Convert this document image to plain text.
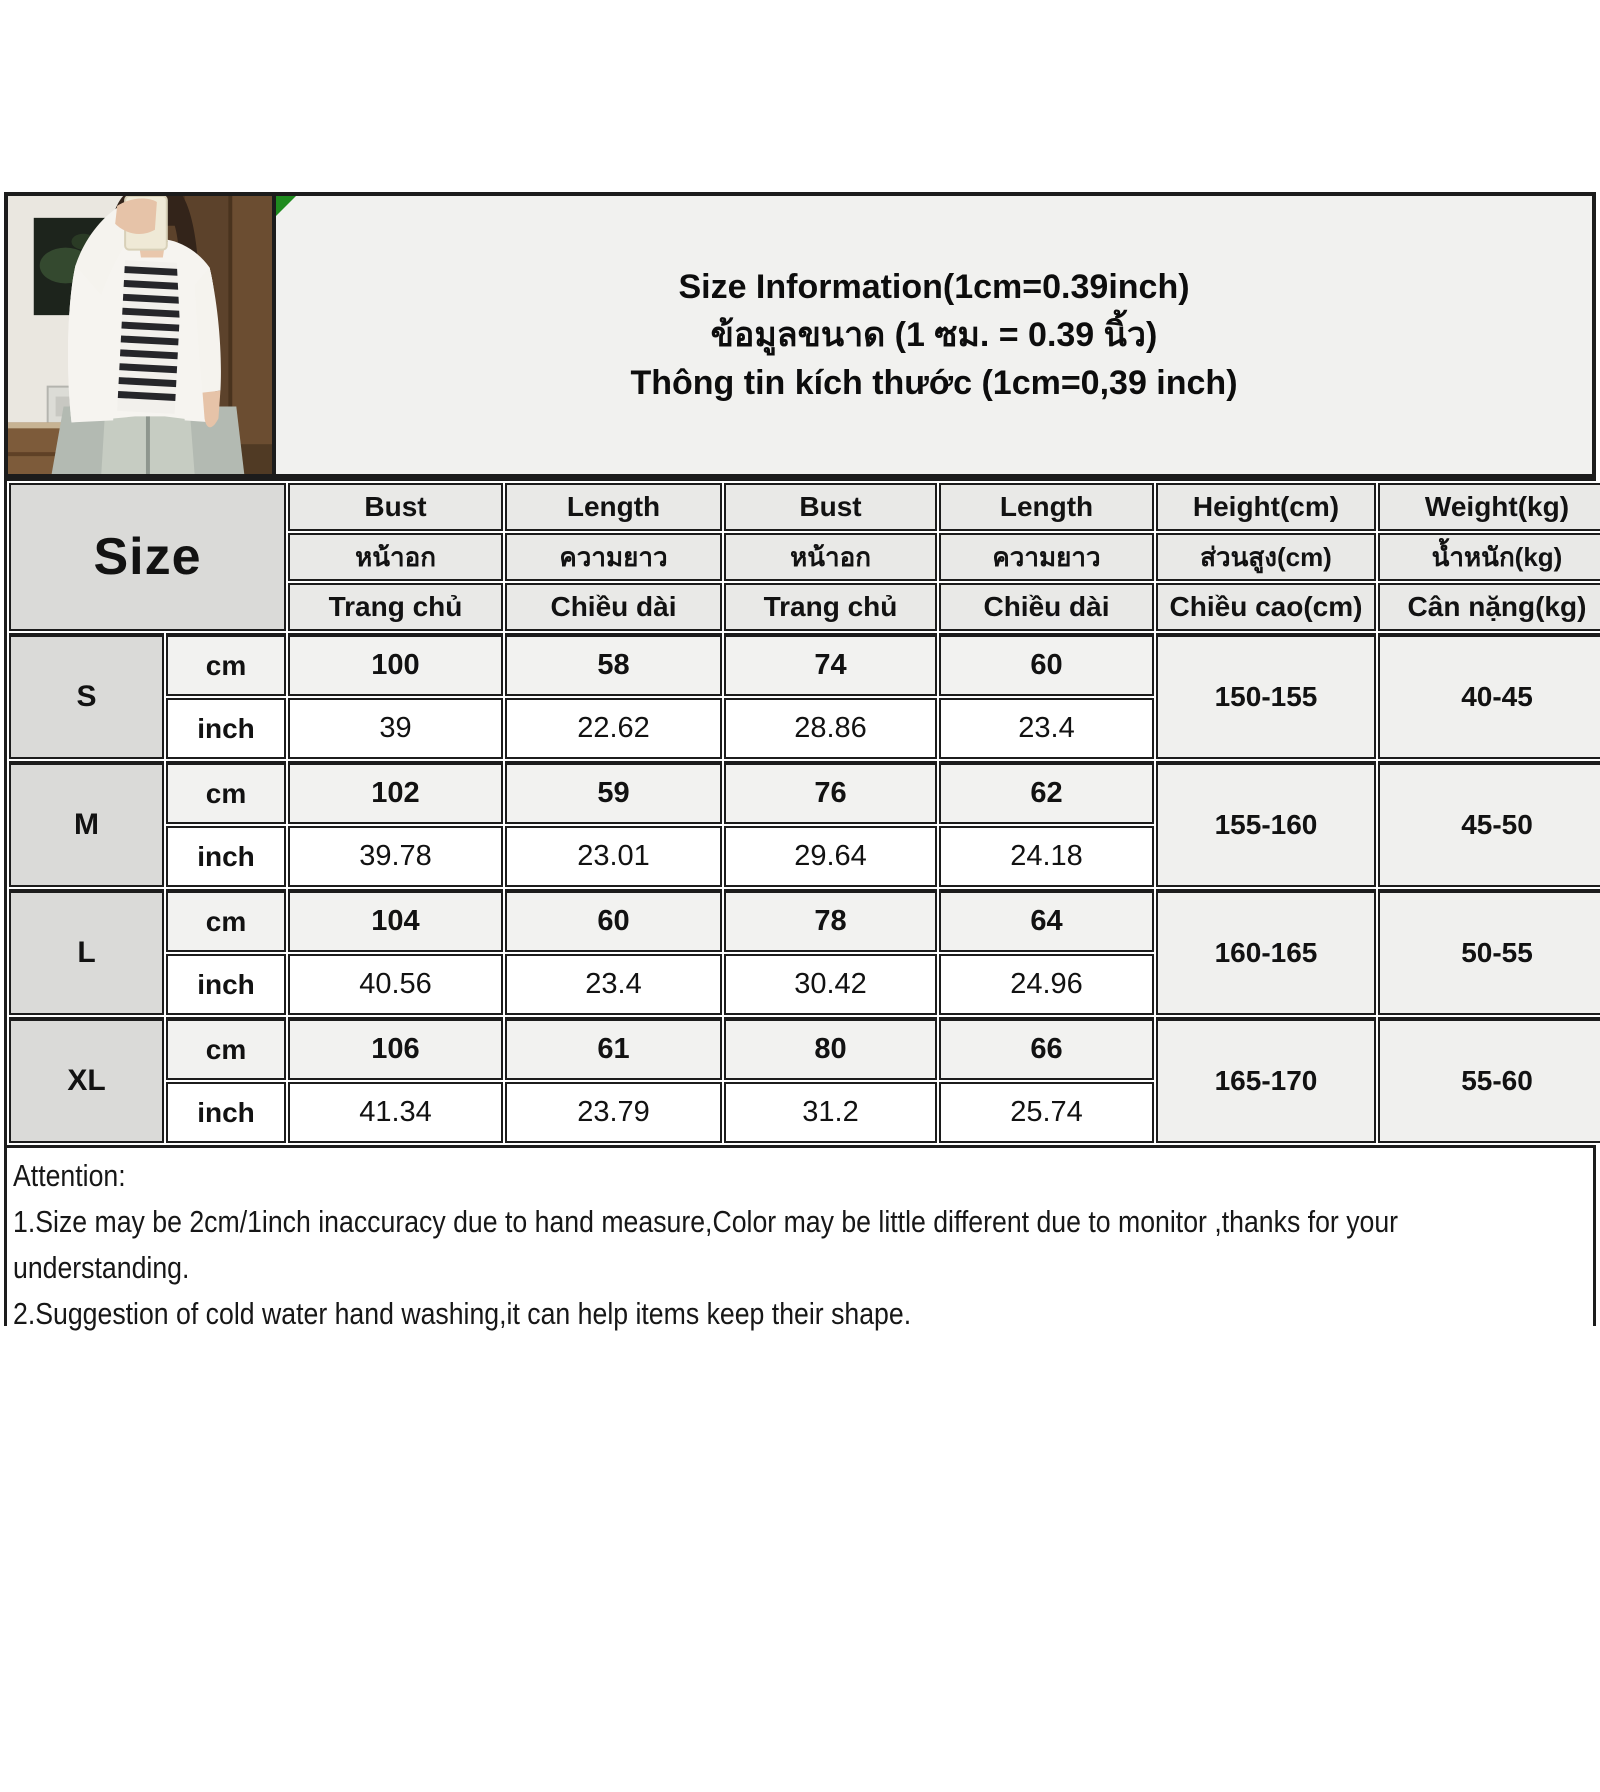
Size Information(1cm=0.39inch)
ข้อมูลขนาด (1 ซม. = 0.39 นิ้ว)
Thông tin kích thước (1cm=0,39 inch)
Size		Bust	Length	Bust	Length	Height(cm)	Weight(kg)
		หน้าอก	ความยาว	หน้าอก	ความยาว	ส่วนสูง(cm)	น้ำหนัก(kg)
		Trang chủ	Chiều dài	Trang chủ	Chiều dài	Chiều cao(cm)	Cân nặng(kg)
S	cm	100	58	74	60	150-155	40-45
	inch	39	22.62	28.86	23.4		
M	cm	102	59	76	62	155-160	45-50
	inch	39.78	23.01	29.64	24.18		
L	cm	104	60	78	64	160-165	50-55
	inch	40.56	23.4	30.42	24.96		
XL	cm	106	61	80	66	165-170	55-60
	inch	41.34	23.79	31.2	25.74		
Attention:
1.Size may be 2cm/1inch inaccuracy due to hand measure,Color may be little different due to monitor ,thanks for your
understanding.
2.Suggestion of cold water hand washing,it can help items keep their shape.
